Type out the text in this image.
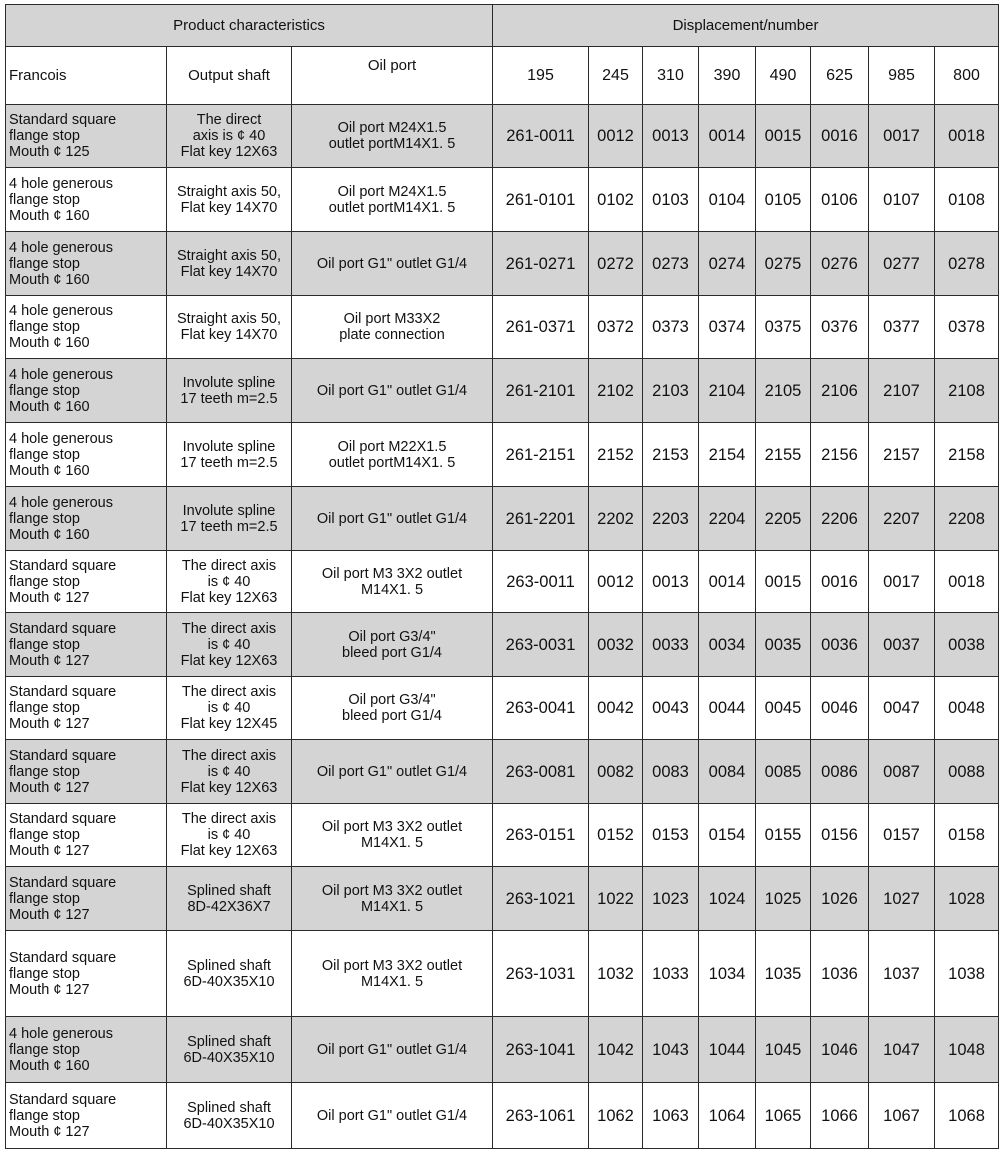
Product characteristics			Displacement/number							
Francois	Output shaft	Oil port	195	245	310	390	490	625	985	800
Standard square
flange stop
Mouth ¢ 125	The direct
axis is ¢ 40
Flat key 12X63	Oil port M24X1.5
outlet portM14X1. 5	261-0011	0012	0013	0014	0015	0016	0017	0018
4 hole generous
flange stop
Mouth ¢ 160	Straight axis 50,
Flat key 14X70	Oil port M24X1.5
outlet portM14X1. 5	261-0101	0102	0103	0104	0105	0106	0107	0108
4 hole generous
flange stop
Mouth ¢ 160	Straight axis 50,
Flat key 14X70	Oil port G1" outlet G1/4	261-0271	0272	0273	0274	0275	0276	0277	0278
4 hole generous
flange stop
Mouth ¢ 160	Straight axis 50,
Flat key 14X70	Oil port M33X2
plate connection	261-0371	0372	0373	0374	0375	0376	0377	0378
4 hole generous
flange stop
Mouth ¢ 160	Involute spline
17 teeth m=2.5	Oil port G1" outlet G1/4	261-2101	2102	2103	2104	2105	2106	2107	2108
4 hole generous
flange stop
Mouth ¢ 160	Involute spline
17 teeth m=2.5	Oil port M22X1.5
outlet portM14X1. 5	261-2151	2152	2153	2154	2155	2156	2157	2158
4 hole generous
flange stop
Mouth ¢ 160	Involute spline
17 teeth m=2.5	Oil port G1" outlet G1/4	261-2201	2202	2203	2204	2205	2206	2207	2208
Standard square
flange stop
Mouth ¢ 127	The direct axis
is ¢ 40
Flat key 12X63	Oil port M3 3X2 outlet
M14X1. 5	263-0011	0012	0013	0014	0015	0016	0017	0018
Standard square
flange stop
Mouth ¢ 127	The direct axis
is ¢ 40
Flat key 12X63	Oil port G3/4"
bleed port G1/4	263-0031	0032	0033	0034	0035	0036	0037	0038
Standard square
flange stop
Mouth ¢ 127	The direct axis
is ¢ 40
Flat key 12X45	Oil port G3/4"
bleed port G1/4	263-0041	0042	0043	0044	0045	0046	0047	0048
Standard square
flange stop
Mouth ¢ 127	The direct axis
is ¢ 40
Flat key 12X63	Oil port G1" outlet G1/4	263-0081	0082	0083	0084	0085	0086	0087	0088
Standard square
flange stop
Mouth ¢ 127	The direct axis
is ¢ 40
Flat key 12X63	Oil port M3 3X2 outlet
M14X1. 5	263-0151	0152	0153	0154	0155	0156	0157	0158
Standard square
flange stop
Mouth ¢ 127	Splined shaft
8D-42X36X7	Oil port M3 3X2 outlet
M14X1. 5	263-1021	1022	1023	1024	1025	1026	1027	1028
Standard square
flange stop
Mouth ¢ 127	Splined shaft
6D-40X35X10	Oil port M3 3X2 outlet
M14X1. 5	263-1031	1032	1033	1034	1035	1036	1037	1038
4 hole generous
flange stop
Mouth ¢ 160	Splined shaft
6D-40X35X10	Oil port G1" outlet G1/4	263-1041	1042	1043	1044	1045	1046	1047	1048
Standard square
flange stop
Mouth ¢ 127	Splined shaft
6D-40X35X10	Oil port G1" outlet G1/4	263-1061	1062	1063	1064	1065	1066	1067	1068
